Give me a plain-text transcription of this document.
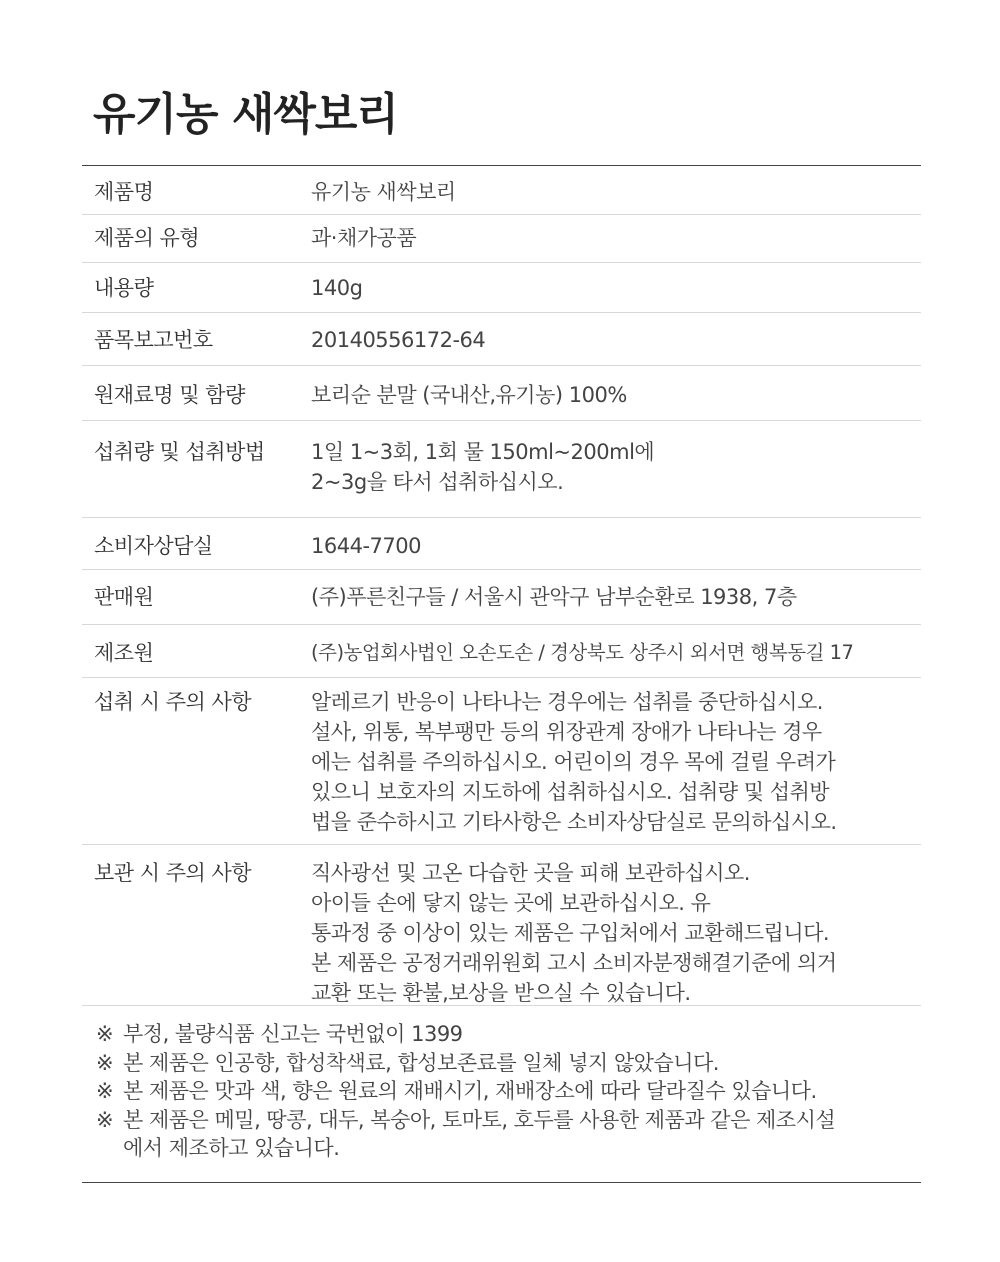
유기농 새싹보리
제품명	유기농 새싹보리
제품의 유형	과·채가공품
내용량	140g
품목보고번호	20140556172-64
원재료명 및 함량	보리순 분말 (국내산,유기농) 100%
섭취량 및 섭취방법	1일 1~3회, 1회 물 150ml~200ml에
2~3g을 타서 섭취하십시오.
소비자상담실	1644-7700
판매원	(주)푸른친구들 / 서울시 관악구 남부순환로 1938, 7층
제조원	(주)농업회사법인 오손도손 / 경상북도 상주시 외서면 행복동길 17
섭취 시 주의 사항	알레르기 반응이 나타나는 경우에는 섭취를 중단하십시오.
설사, 위통, 복부팽만 등의 위장관계 장애가 나타나는 경우
에는 섭취를 주의하십시오. 어린이의 경우 목에 걸릴 우려가
있으니 보호자의 지도하에 섭취하십시오. 섭취량 및 섭취방
법을 준수하시고 기타사항은 소비자상담실로 문의하십시오.
보관 시 주의 사항	직사광선 및 고온 다습한 곳을 피해 보관하십시오.
아이들 손에 닿지 않는 곳에 보관하십시오. 유
통과정 중 이상이 있는 제품은 구입처에서 교환해드립니다.
본 제품은 공정거래위원회 고시 소비자분쟁해결기준에 의거
교환 또는 환불,보상을 받으실 수 있습니다.
※ 부정, 불량식품 신고는 국번없이 1399
※ 본 제품은 인공향, 합성착색료, 합성보존료를 일체 넣지 않았습니다.
※ 본 제품은 맛과 색, 향은 원료의 재배시기, 재배장소에 따라 달라질수 있습니다.
※ 본 제품은 메밀, 땅콩, 대두, 복숭아, 토마토, 호두를 사용한 제품과 같은 제조시설
에서 제조하고 있습니다.
